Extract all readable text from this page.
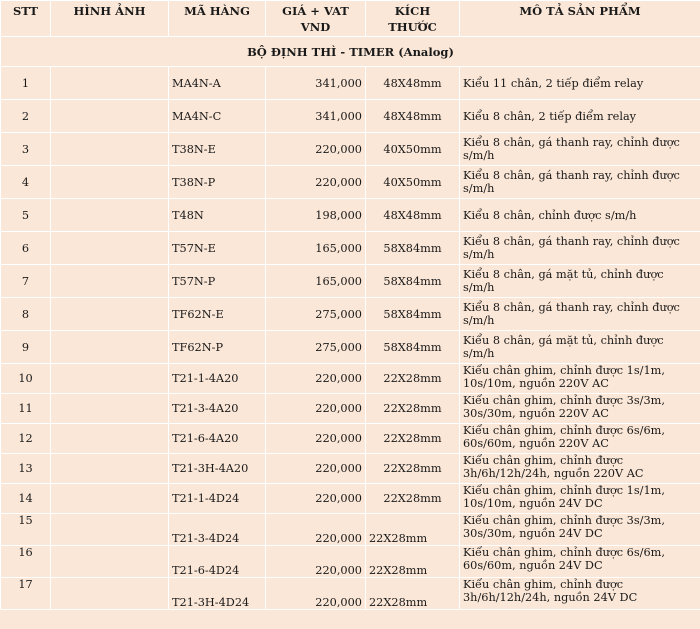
STT	HÌNH ẢNH	MÃ HÀNG	GIÁ + VAT VND	KÍCH THƯỚC	MÔ TẢ SẢN PHẨM
BỘ ĐỊNH THÌ - TIMER (Analog)					
1		MA4N-A	341,000	48X48mm	Kiểu 11 chân, 2 tiếp điểm relay
2		MA4N-C	341,000	48X48mm	Kiểu 8 chân, 2 tiếp điểm relay
3		T38N-E	220,000	40X50mm	Kiểu 8 chân, gá thanh ray, chỉnh được s/m/h
4		T38N-P	220,000	40X50mm	Kiểu 8 chân, gá thanh ray, chỉnh được s/m/h
5		T48N	198,000	48X48mm	Kiểu 8 chân, chỉnh được s/m/h
6		T57N-E	165,000	58X84mm	Kiểu 8 chân, gá thanh ray, chỉnh được s/m/h
7		T57N-P	165,000	58X84mm	Kiểu 8 chân, gá mặt tủ, chỉnh được s/m/h
8		TF62N-E	275,000	58X84mm	Kiểu 8 chân, gá thanh ray, chỉnh được s/m/h
9		TF62N-P	275,000	58X84mm	Kiểu 8 chân, gá mặt tủ, chỉnh được s/m/h
10		T21-1-4A20	220,000	22X28mm	Kiểu chân ghim, chỉnh được 1s/1m, 10s/10m, nguồn 220V AC
11		T21-3-4A20	220,000	22X28mm	Kiểu chân ghim, chỉnh được 3s/3m, 30s/30m, nguồn 220V AC
12		T21-6-4A20	220,000	22X28mm	Kiểu chân ghim, chỉnh được 6s/6m, 60s/60m, nguồn 220V AC
13		T21-3H-4A20	220,000	22X28mm	Kiểu chân ghim, chỉnh được 3h/6h/12h/24h, nguồn 220V AC
14		T21-1-4D24	220,000	22X28mm	Kiểu chân ghim, chỉnh được 1s/1m, 10s/10m, nguồn 24V DC
15		T21-3-4D24	220,000	22X28mm	Kiểu chân ghim, chỉnh được 3s/3m, 30s/30m, nguồn 24V DC
16		T21-6-4D24	220,000	22X28mm	Kiểu chân ghim, chỉnh được 6s/6m, 60s/60m, nguồn 24V DC
17		T21-3H-4D24	220,000	22X28mm	Kiểu chân ghim, chỉnh được 3h/6h/12h/24h, nguồn 24V DC
